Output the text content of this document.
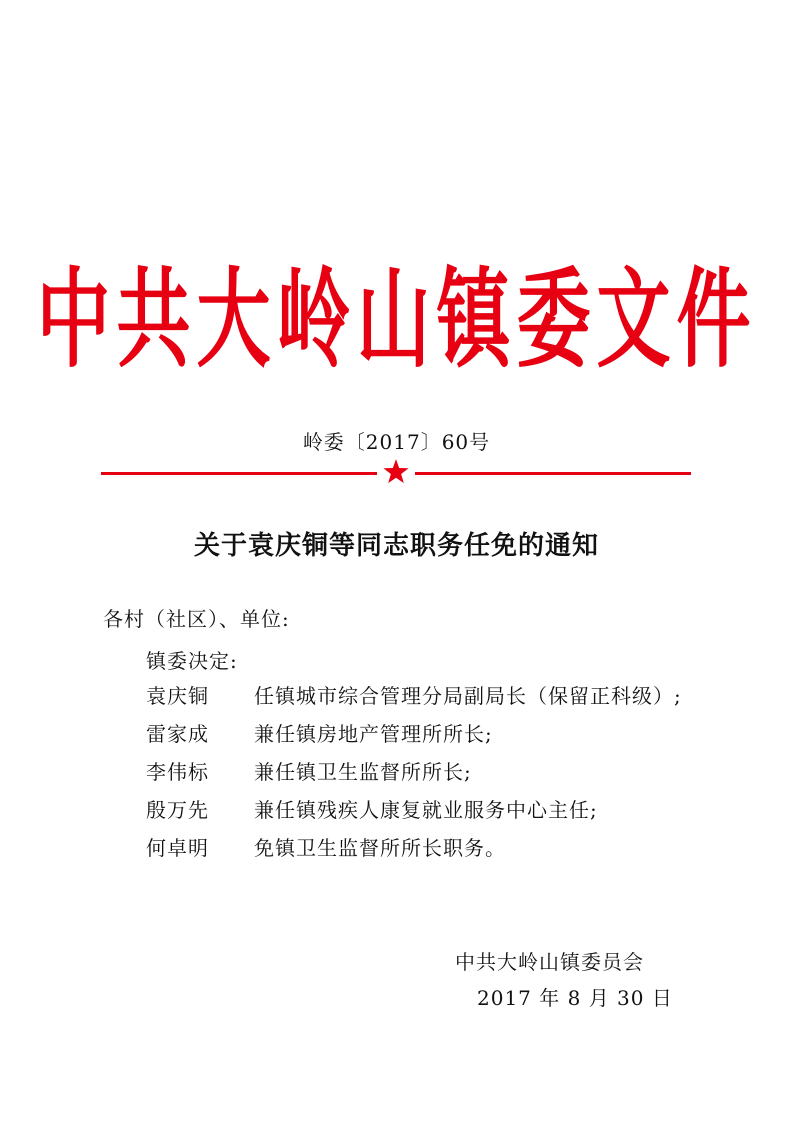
中共大岭山镇委文件
岭委〔2017〕60号
关于袁庆铜等同志职务任免的通知
各村（社区）、单位:
镇委决定:
袁庆铜 任镇城市综合管理分局副局长（保留正科级）;
雷家成 兼任镇房地产管理所所长;
李伟标 兼任镇卫生监督所所长;
殷万先 兼任镇残疾人康复就业服务中心主任;
何卓明 免镇卫生监督所所长职务。
中共大岭山镇委员会
2017 年 8 月 30 日
